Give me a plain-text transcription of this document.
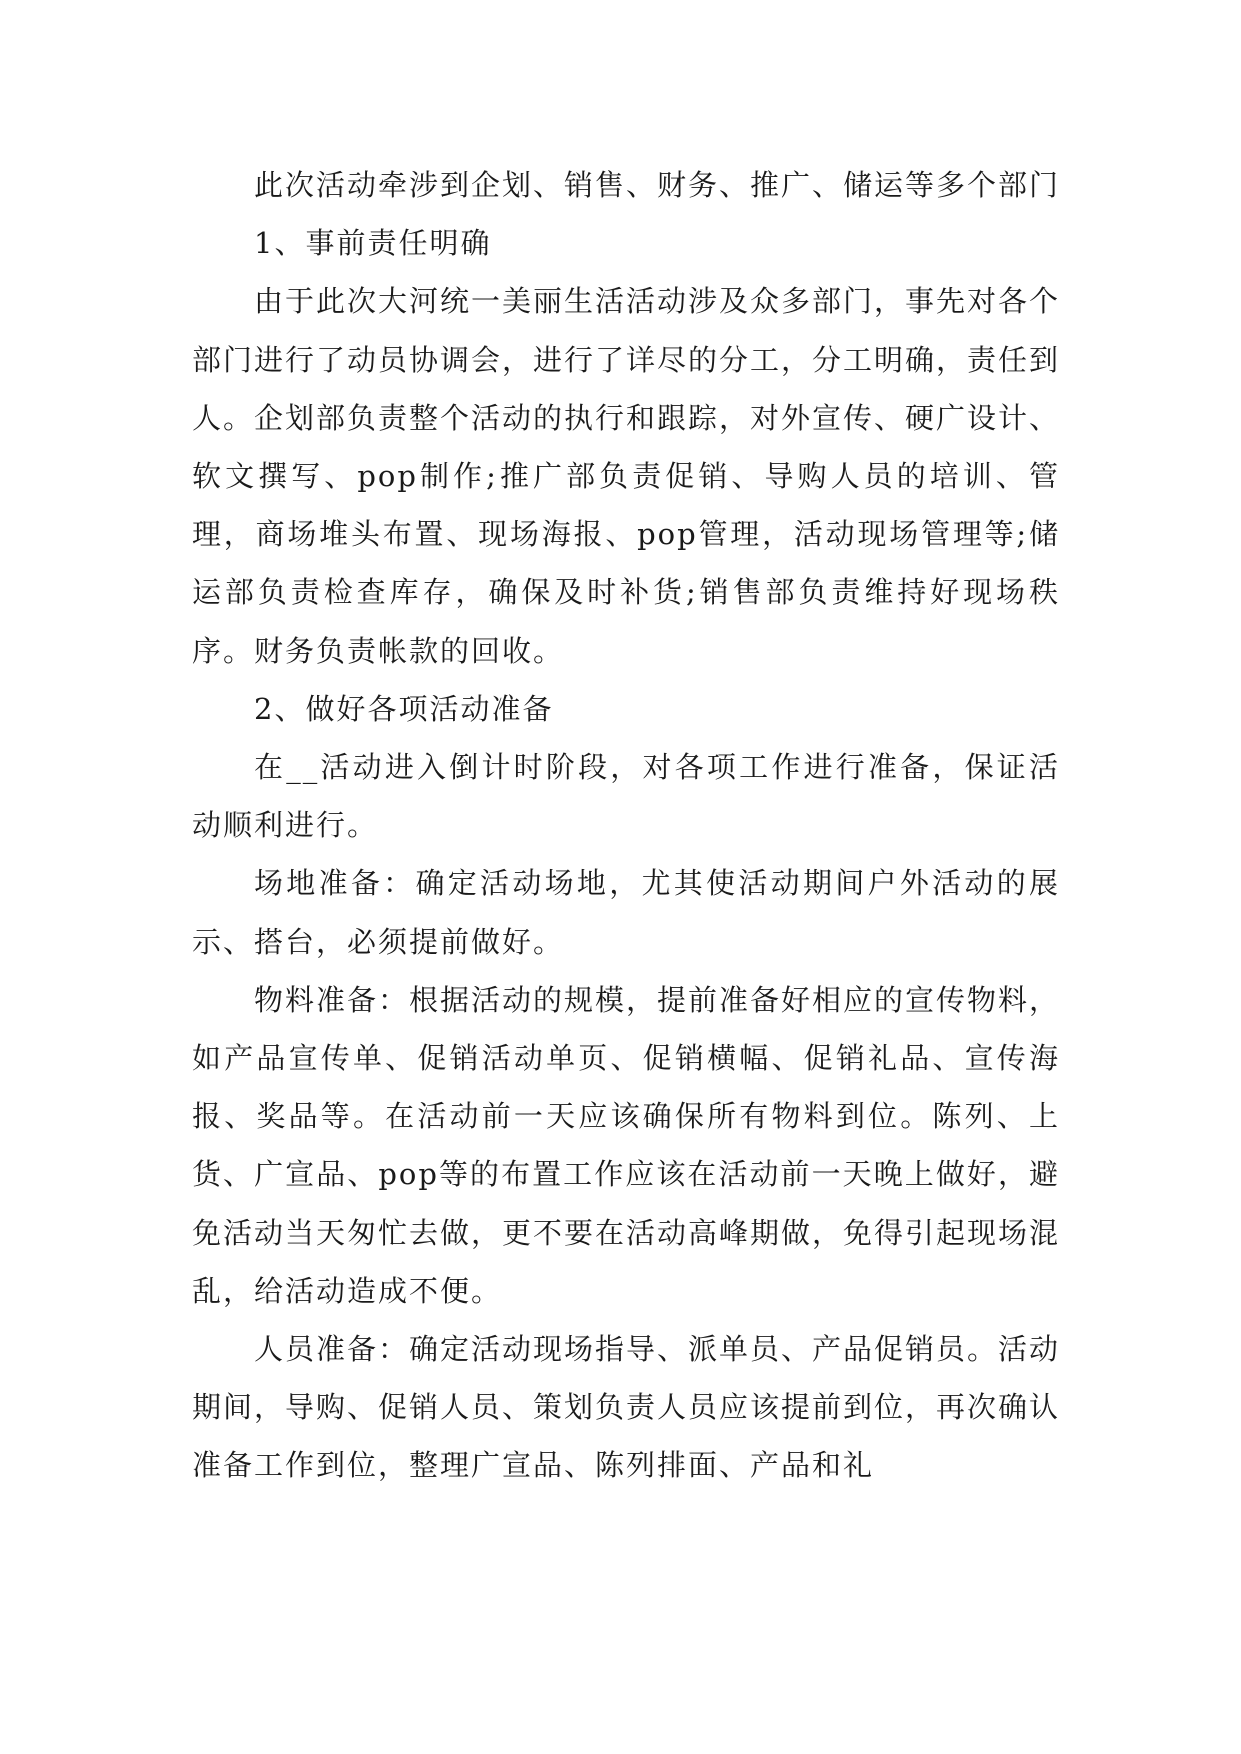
此次活动牵涉到企划、销售、财务、推广、储运等多个部门

1、事前责任明确

由于此次大河统一美丽生活活动涉及众多部门，事先对各个部门进行了动员协调会，进行了详尽的分工，分工明确，责任到人。企划部负责整个活动的执行和跟踪，对外宣传、硬广设计、软文撰写、pop制作;推广部负责促销、导购人员的培训、管理，商场堆头布置、现场海报、pop管理，活动现场管理等;储运部负责检查库存，确保及时补货;销售部负责维持好现场秩序。财务负责帐款的回收。

2、做好各项活动准备

在__活动进入倒计时阶段，对各项工作进行准备，保证活动顺利进行。

场地准备：确定活动场地，尤其使活动期间户外活动的展示、搭台，必须提前做好。

物料准备：根据活动的规模，提前准备好相应的宣传物料，如产品宣传单、促销活动单页、促销横幅、促销礼品、宣传海报、奖品等。在活动前一天应该确保所有物料到位。陈列、上货、广宣品、pop等的布置工作应该在活动前一天晚上做好，避免活动当天匆忙去做，更不要在活动高峰期做，免得引起现场混乱，给活动造成不便。

人员准备：确定活动现场指导、派单员、产品促销员。活动期间，导购、促销人员、策划负责人员应该提前到位，再次确认准备工作到位，整理广宣品、陈列排面、产品和礼
